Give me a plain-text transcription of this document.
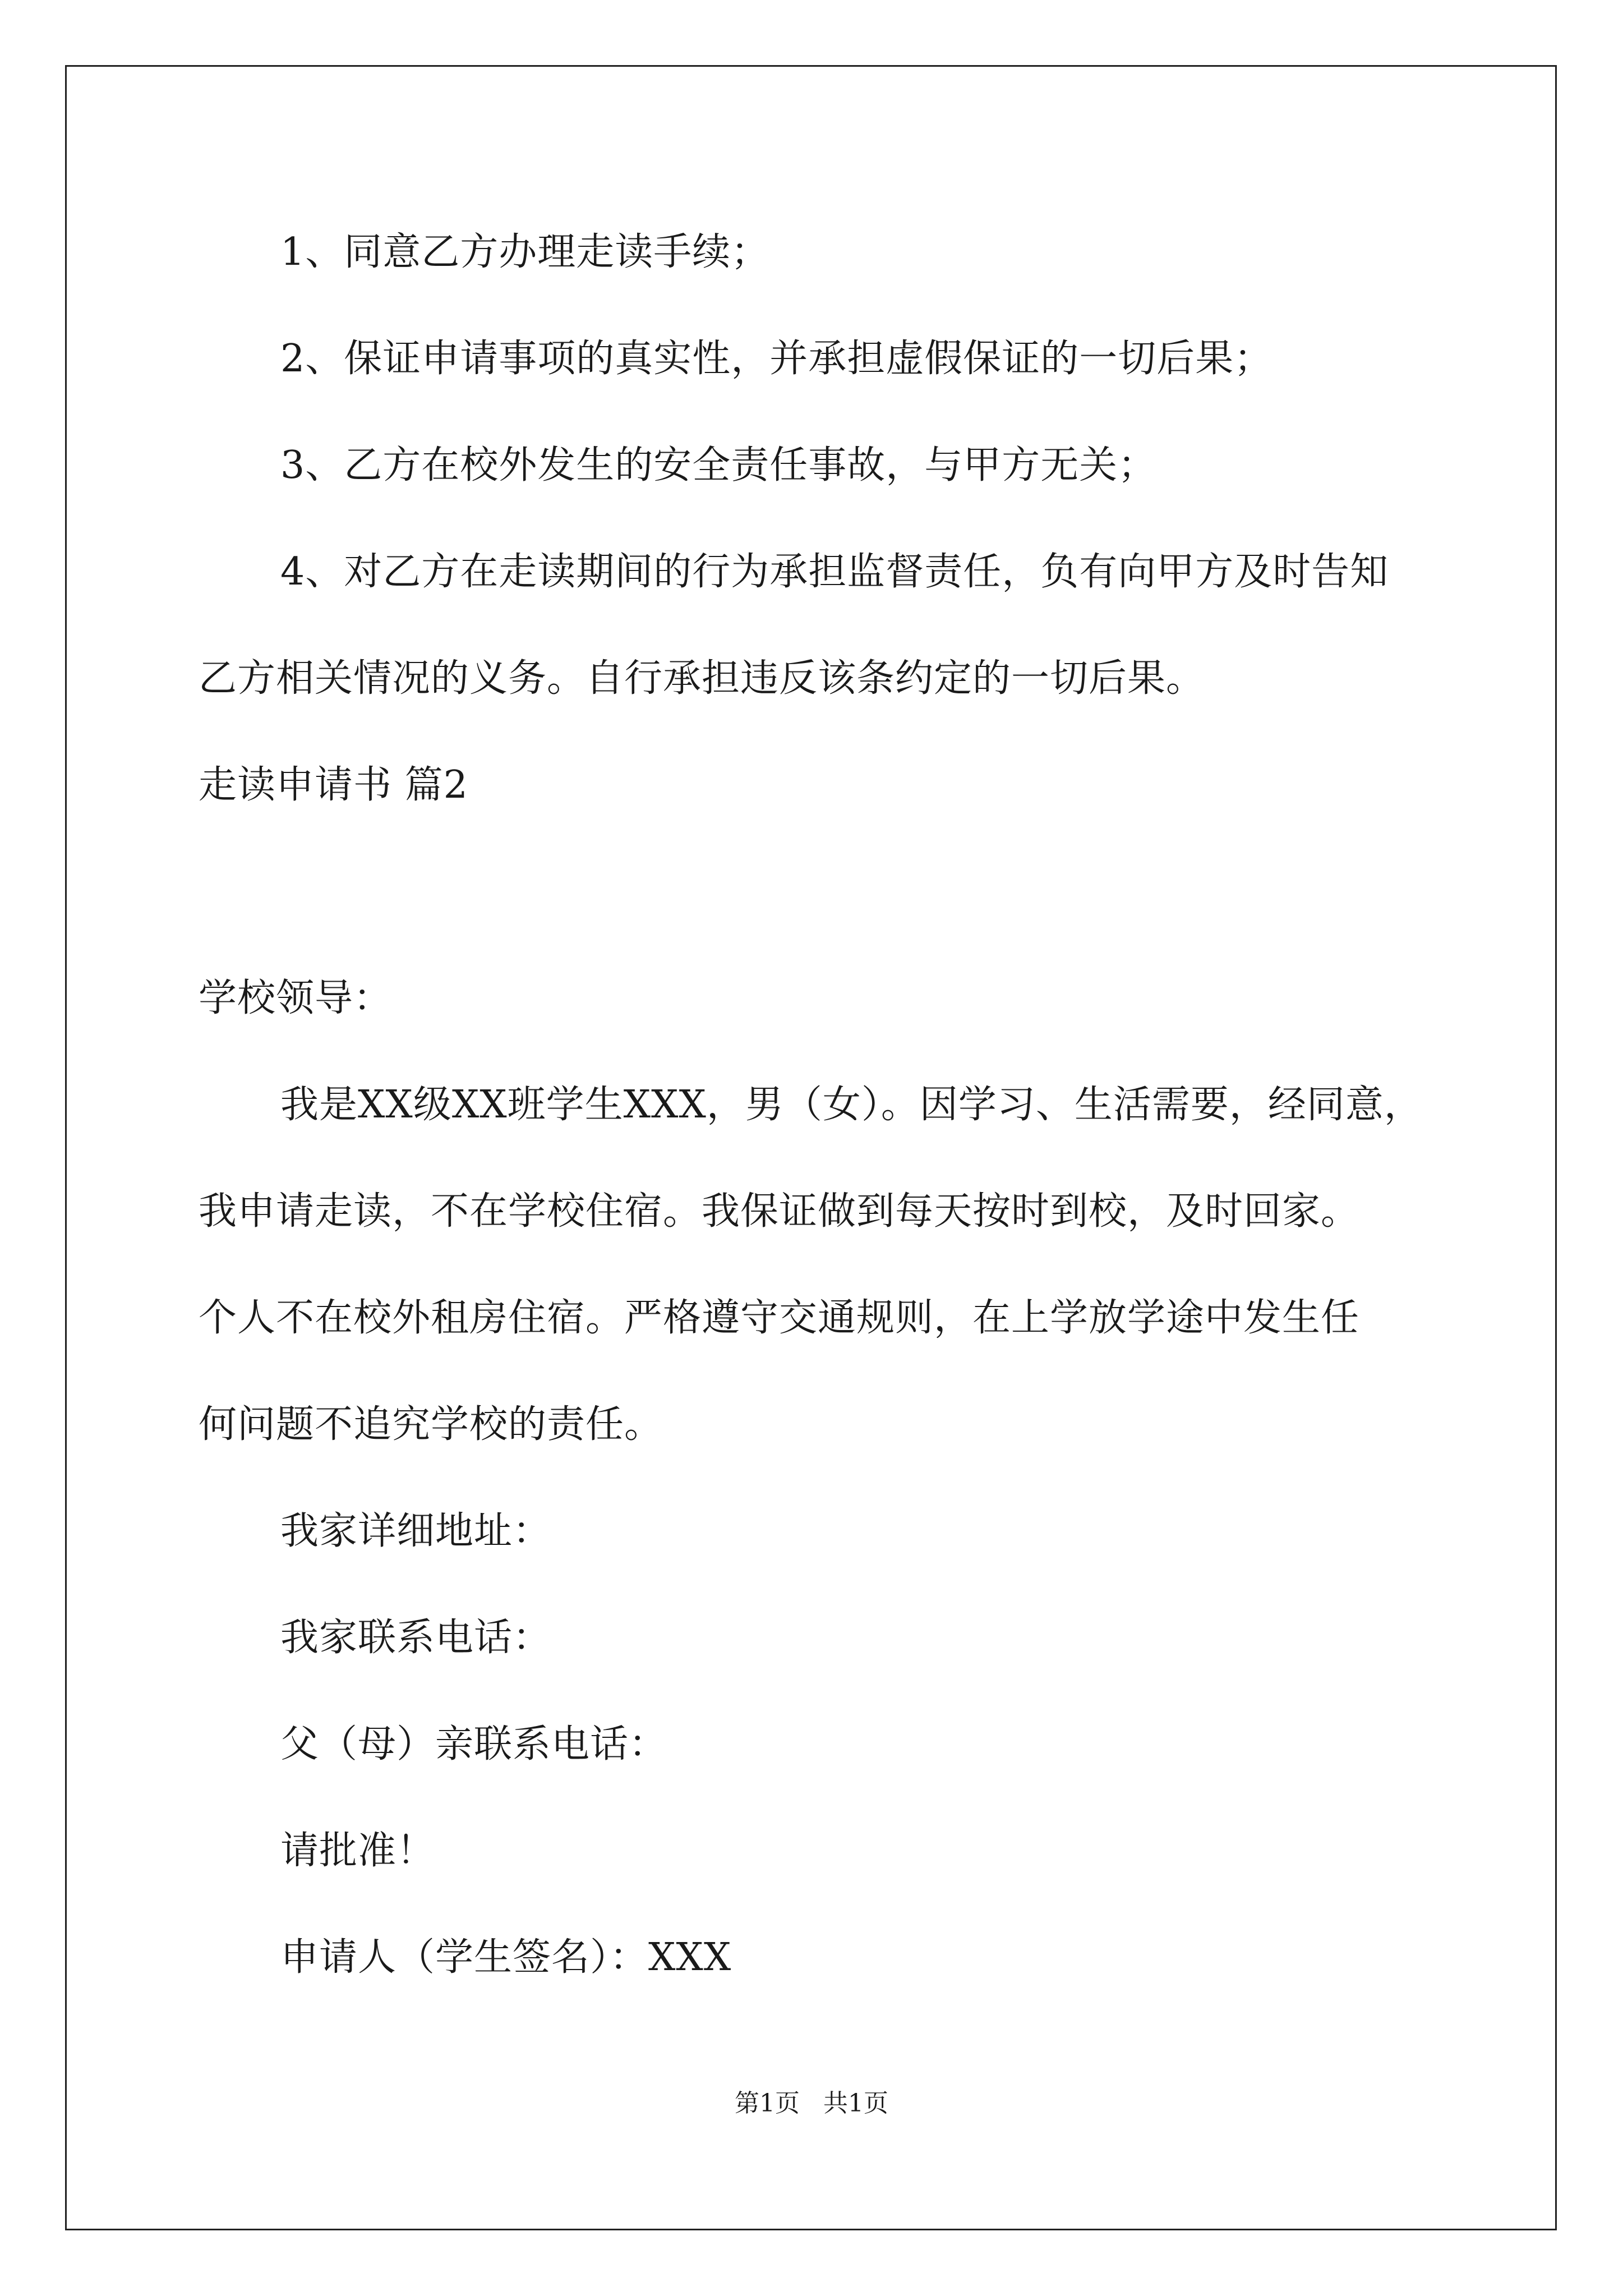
1、同意乙方办理走读手续；
2、保证申请事项的真实性，并承担虚假保证的一切后果；
3、乙方在校外发生的安全责任事故，与甲方无关；
4、对乙方在走读期间的行为承担监督责任，负有向甲方及时告知
乙方相关情况的义务。自行承担违反该条约定的一切后果。
走读申请书 篇2
学校领导：
我是XX级XX班学生XXX，男（女）。因学习、生活需要，经同意，
我申请走读，不在学校住宿。我保证做到每天按时到校，及时回家。
个人不在校外租房住宿。严格遵守交通规则，在上学放学途中发生任
何问题不追究学校的责任。
我家详细地址：
我家联系电话：
父（母）亲联系电话：
请批准！
申请人（学生签名）：XXX
第1页   共1页
